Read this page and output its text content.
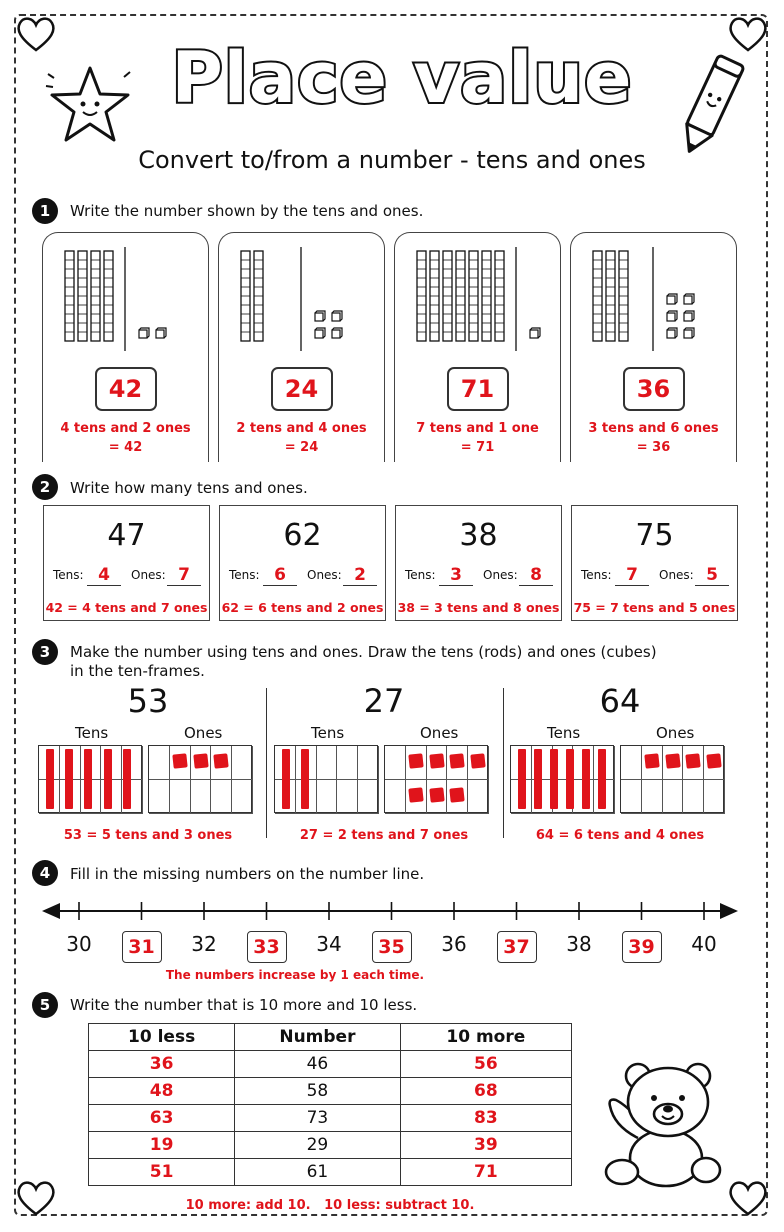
Place value
Convert to/from a number - tens and ones
1	Write the number shown by the tens and ones.
42
4 tens and 2 ones
= 42
24
2 tens and 4 ones
= 24
71
7 tens and 1 one
= 71
36
3 tens and 6 ones
= 36
2	Write how many tens and ones.
47
Tens: 4	Ones: 7
42 = 4 tens and 7 ones
62
Tens: 6	Ones: 2
62 = 6 tens and 2 ones
38
Tens: 3	Ones: 8
38 = 3 tens and 8 ones
75
Tens: 7	Ones: 5
75 = 7 tens and 5 ones
3	Make the number using tens and ones. Draw the tens (rods) and ones (cubes)
in the ten-frames.
53
Tens	Ones
53 = 5 tens and 3 ones
27
Tens	Ones
27 = 2 tens and 7 ones
64
Tens	Ones
64 = 6 tens and 4 ones
4	Fill in the missing numbers on the number line.
30	31	32	33	34	35	36	37	38	39	40
The numbers increase by 1 each time.
5	Write the number that is 10 more and 10 less.
10 less	Number	10 more
36	46	56
48	58	68
63	73	83
19	29	39
51	61	71
10 more: add 10.   10 less: subtract 10.
